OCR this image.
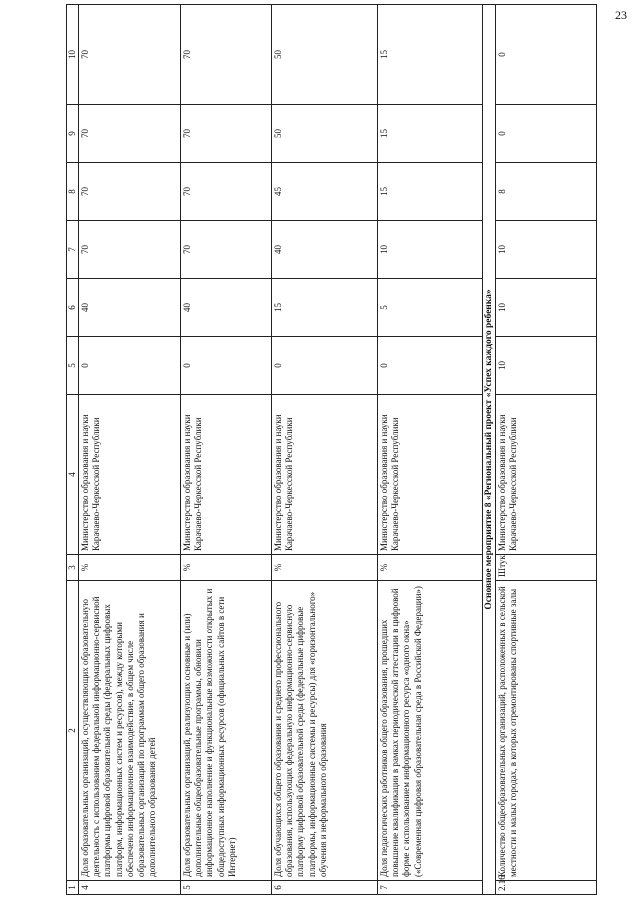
23
1	2	3	4	5	6	7	8	9	10
4	Доля образовательных организаций, осуществляющих образовательную деятельность с использованием федеральной информационно-сервисной платформы цифровой образовательной среды (федеральных цифровых платформ, информационных систем и ресурсов), между которыми обеспечено информационное взаимодействие, в общем числе образовательных организаций по программам общего образования и дополнительного образования детей	%	Министерство образования и науки Карачаево-Черкесской Республики	0	40	70	70	70	70
5	Доля образовательных организаций, реализующих основные и (или) дополнительные общеобразовательные программы, обновили информационное наполнение и функциональные возможности открытых и общедоступных информационных ресурсов (официальных сайтов в сети Интернет)	%	Министерство образования и науки Карачаево-Черкесской Республики	0	40	70	70	70	70
6	Доля обучающихся общего образования и среднего профессионального образования, использующих федеральную информационно-сервисную платформу цифровой образовательной среды (федеральные цифровые платформы, информационные системы и ресурсы) для «горизонтального» обучения и неформального образования	%	Министерство образования и науки Карачаево-Черкесской Республики	0	15	40	45	50	50
7	Доля педагогических работников общего образования, прошедших повышение квалификации в рамках периодической аттестации в цифровой форме с использованием информационного ресурса «одного окна» («Современная цифровая образовательная среда в Российской Федерации»)	%	Министерство образования и науки Карачаево-Черкесской Республики	0	5	10	15	15	15
Основное мероприятие 8 «Региональный проект «Успех каждого ребенка»									
2.16	Количество общеобразовательных организаций, расположенных в сельской местности и малых городах, в которых отремонтированы спортивные залы	Штук	Министерство образования и науки Карачаево-Черкесской Республики	10	10	10	8	0	0
